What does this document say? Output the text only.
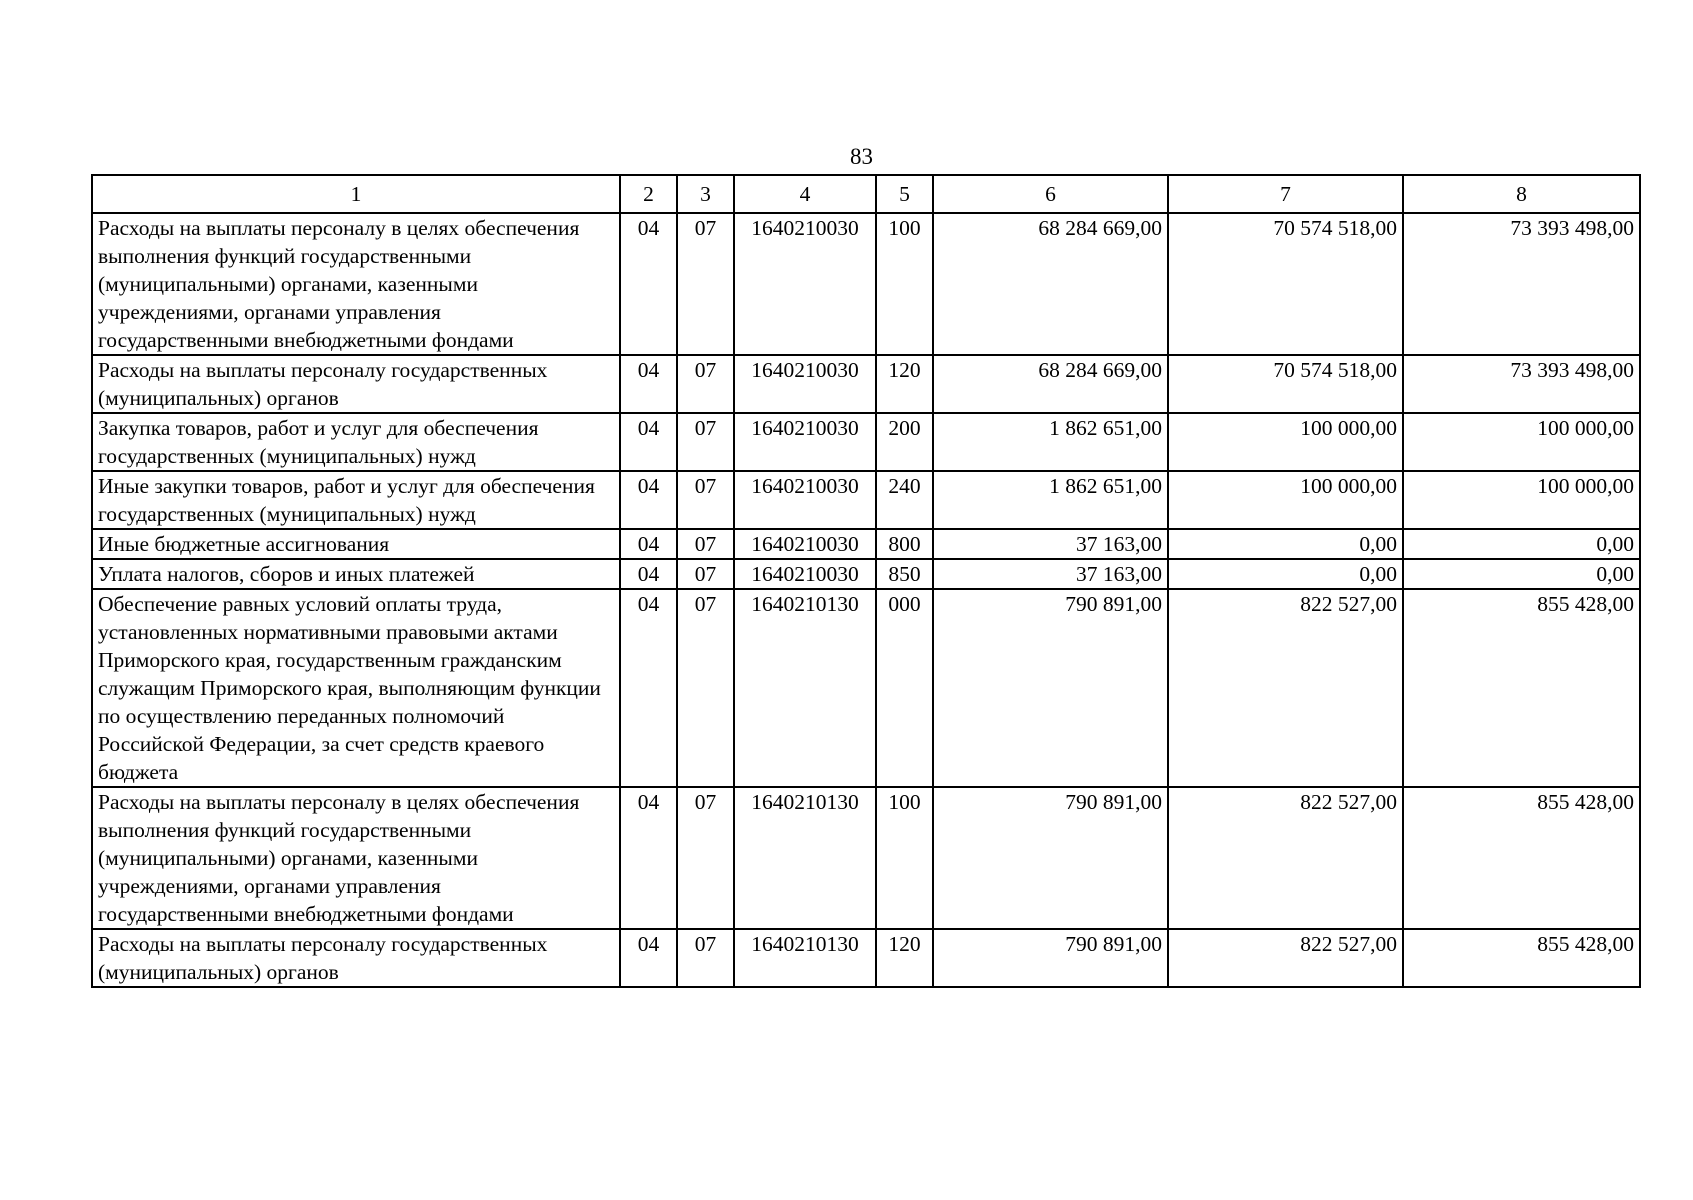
83
1	2	3	4	5	6	7	8
Расходы на выплаты персоналу в целях обеспечения выполнения функций государственными (муниципальными) органами, казенными учреждениями, органами управления государственными внебюджетными фондами	04	07	1640210030	100	68 284 669,00	70 574 518,00	73 393 498,00
Расходы на выплаты персоналу государственных (муниципальных) органов	04	07	1640210030	120	68 284 669,00	70 574 518,00	73 393 498,00
Закупка товаров, работ и услуг для обеспечения государственных (муниципальных) нужд	04	07	1640210030	200	1 862 651,00	100 000,00	100 000,00
Иные закупки товаров, работ и услуг для обеспечения государственных (муниципальных) нужд	04	07	1640210030	240	1 862 651,00	100 000,00	100 000,00
Иные бюджетные ассигнования	04	07	1640210030	800	37 163,00	0,00	0,00
Уплата налогов, сборов и иных платежей	04	07	1640210030	850	37 163,00	0,00	0,00
Обеспечение равных условий оплаты труда, установленных нормативными правовыми актами Приморского края, государственным гражданским служащим Приморского края, выполняющим функции по осуществлению переданных полномочий Российской Федерации, за счет средств краевого бюджета	04	07	1640210130	000	790 891,00	822 527,00	855 428,00
Расходы на выплаты персоналу в целях обеспечения выполнения функций государственными (муниципальными) органами, казенными учреждениями, органами управления государственными внебюджетными фондами	04	07	1640210130	100	790 891,00	822 527,00	855 428,00
Расходы на выплаты персоналу государственных (муниципальных) органов	04	07	1640210130	120	790 891,00	822 527,00	855 428,00
